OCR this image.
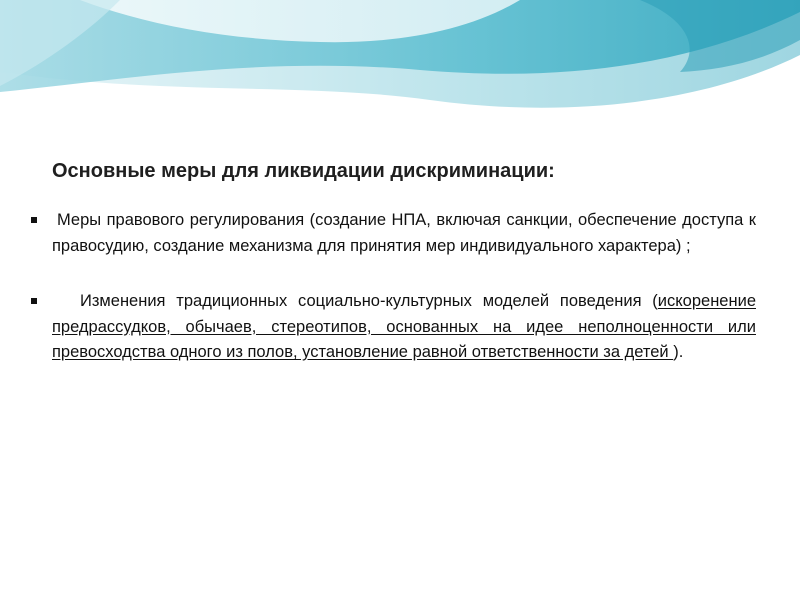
Основные меры для ликвидации дискриминации:
Меры правового регулирования (создание НПА, включая санкции, обеспечение доступа к правосудию, создание механизма для принятия мер индивидуального характера) ;
Изменения традиционных социально-культурных моделей поведения (искоренение предрассудков, обычаев, стереотипов, основанных на идее неполноценности или превосходства одного из полов, установление равной ответственности за детей ).
